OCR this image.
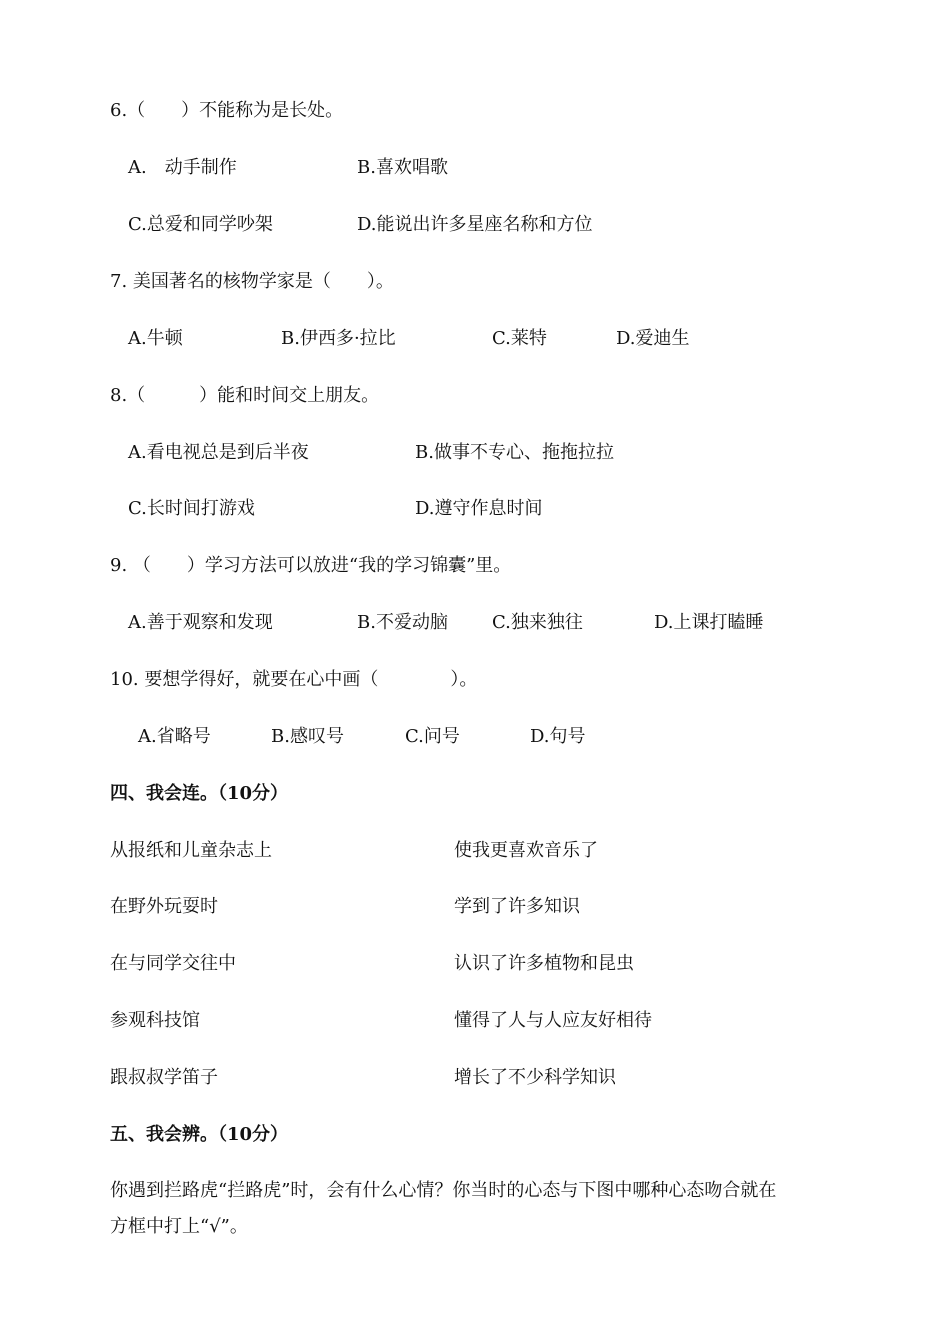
6.（　　）不能称为是长处。
A.　动手制作	B.喜欢唱歌
C.总爱和同学吵架	D.能说出许多星座名称和方位
7. 美国著名的核物学家是（　　）。
A.牛顿	B.伊西多·拉比	C.莱特	D.爱迪生
8.（　　　）能和时间交上朋友。
A.看电视总是到后半夜	B.做事不专心、拖拖拉拉
C.长时间打游戏	D.遵守作息时间
9. （　　）学习方法可以放进“我的学习锦囊”里。
A.善于观察和发现	B.不爱动脑 C.独来独往	D.上课打瞌睡
10. 要想学得好，就要在心中画（　　　　）。
A.省略号	B.感叹号	C.问号	D.句号
四、我会连。（10分）
从报纸和儿童杂志上	使我更喜欢音乐了
在野外玩耍时	学到了许多知识
在与同学交往中	认识了许多植物和昆虫
参观科技馆	懂得了人与人应友好相待
跟叔叔学笛子	增长了不少科学知识
五、我会辨。（10分）
你遇到拦路虎“拦路虎”时，会有什么心情？你当时的心态与下图中哪种心态吻合就在
方框中打上“√”。
